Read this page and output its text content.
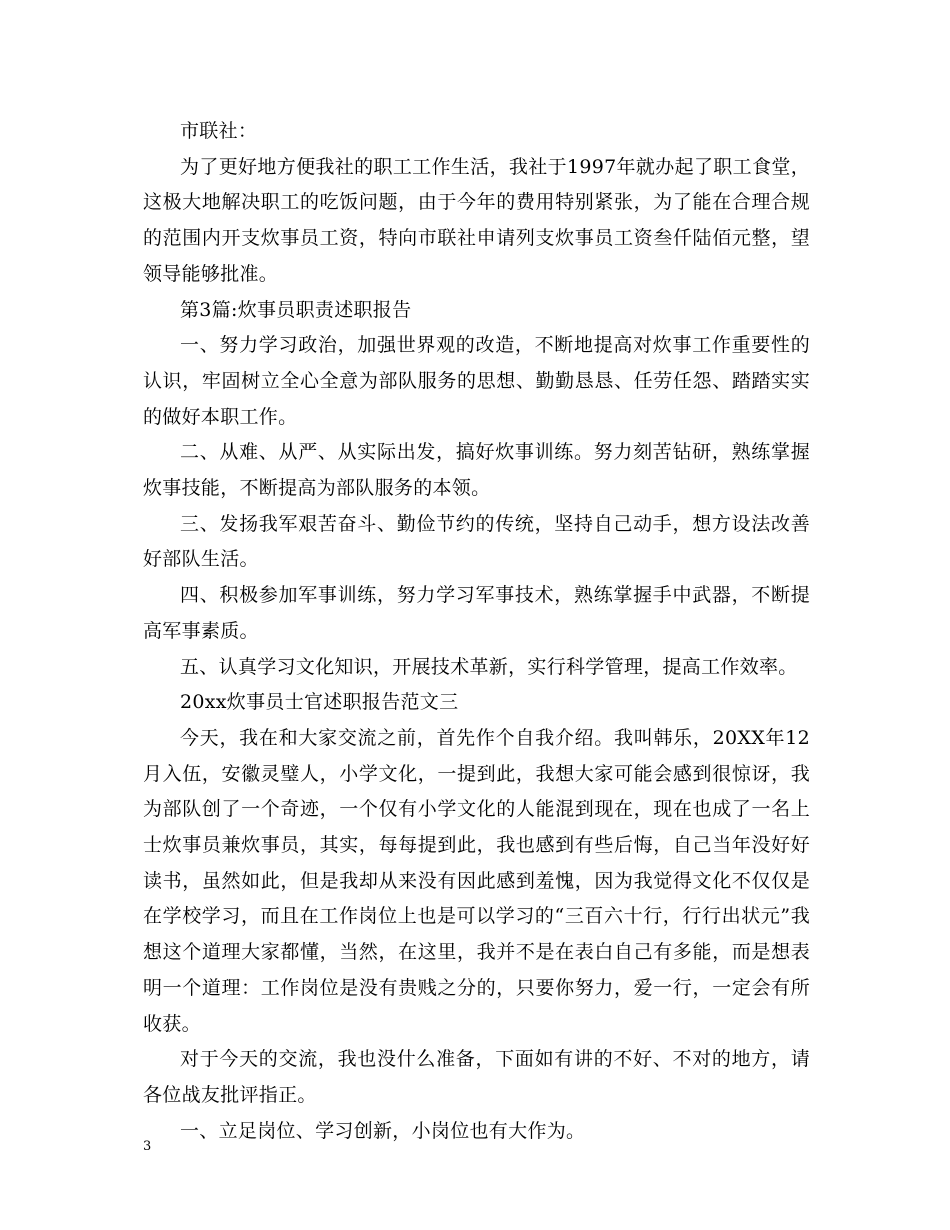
市联社：

为了更好地方便我社的职工工作生活，我社于1997年就办起了职工食堂，这极大地解决职工的吃饭问题，由于今年的费用特别紧张，为了能在合理合规的范围内开支炊事员工资，特向市联社申请列支炊事员工资叁仟陆佰元整，望领导能够批准。

第3篇:炊事员职责述职报告

一、努力学习政治，加强世界观的改造，不断地提高对炊事工作重要性的认识，牢固树立全心全意为部队服务的思想、勤勤恳恳、任劳任怨、踏踏实实的做好本职工作。

二、从难、从严、从实际出发，搞好炊事训练。努力刻苦钻研，熟练掌握炊事技能，不断提高为部队服务的本领。

三、发扬我军艰苦奋斗、勤俭节约的传统，坚持自己动手，想方设法改善好部队生活。

四、积极参加军事训练，努力学习军事技术，熟练掌握手中武器，不断提高军事素质。

五、认真学习文化知识，开展技术革新，实行科学管理，提高工作效率。

20xx炊事员士官述职报告范文三

今天，我在和大家交流之前，首先作个自我介绍。我叫韩乐，20XX年12月入伍，安徽灵璧人，小学文化，一提到此，我想大家可能会感到很惊讶，我为部队创了一个奇迹，一个仅有小学文化的人能混到现在，现在也成了一名上士炊事员兼炊事员，其实，每每提到此，我也感到有些后悔，自己当年没好好读书，虽然如此，但是我却从来没有因此感到羞愧，因为我觉得文化不仅仅是在学校学习，而且在工作岗位上也是可以学习的“三百六十行，行行出状元”我想这个道理大家都懂，当然，在这里，我并不是在表白自己有多能，而是想表明一个道理：工作岗位是没有贵贱之分的，只要你努力，爱一行，一定会有所收获。

对于今天的交流，我也没什么准备，下面如有讲的不好、不对的地方，请各位战友批评指正。

一、立足岗位、学习创新，小岗位也有大作为。

3
